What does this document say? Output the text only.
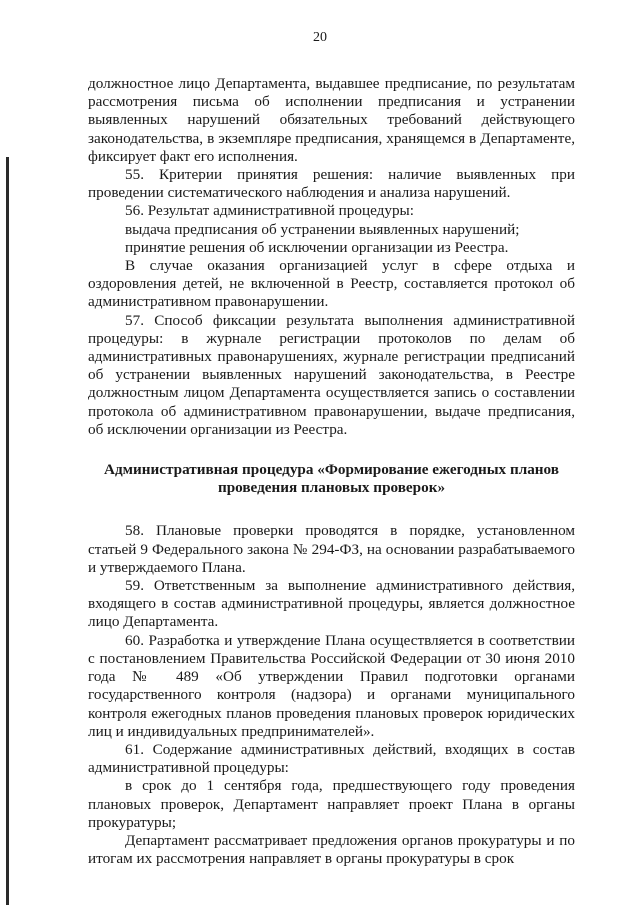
20

должностное лицо Департамента, выдавшее предписание, по результатам рассмотрения письма об исполнении предписания и устранении выявленных нарушений обязательных требований действующего законодательства, в экземпляре предписания, хранящемся в Департаменте, фиксирует факт его исполнения.

55. Критерии принятия решения: наличие выявленных при проведении систематического наблюдения и анализа нарушений.

56. Результат административной процедуры:

выдача предписания об устранении выявленных нарушений;

принятие решения об исключении организации из Реестра.

В случае оказания организацией услуг в сфере отдыха и оздоровления детей, не включенной в Реестр, составляется протокол об административном правонарушении.

57. Способ фиксации результата выполнения административной процедуры: в журнале регистрации протоколов по делам об административных правонарушениях, журнале регистрации предписаний об устранении выявленных нарушений законодательства, в Реестре должностным лицом Департамента осуществляется запись о составлении протокола об административном правонарушении, выдаче предписания, об исключении организации из Реестра.

Административная процедура «Формирование ежегодных планов проведения плановых проверок»

58. Плановые проверки проводятся в порядке, установленном статьей 9 Федерального закона № 294-ФЗ, на основании разрабатываемого и утверждаемого Плана.

59. Ответственным за выполнение административного действия, входящего в состав административной процедуры, является должностное лицо Департамента.

60. Разработка и утверждение Плана осуществляется в соответствии с постановлением Правительства Российской Федерации от 30 июня 2010 года № 489 «Об утверждении Правил подготовки органами государственного контроля (надзора) и органами муниципального контроля ежегодных планов проведения плановых проверок юридических лиц и индивидуальных предпринимателей».

61. Содержание административных действий, входящих в состав административной процедуры:

в срок до 1 сентября года, предшествующего году проведения плановых проверок, Департамент направляет проект Плана в органы прокуратуры;

Департамент рассматривает предложения органов прокуратуры и по итогам их рассмотрения направляет в органы прокуратуры в срок
